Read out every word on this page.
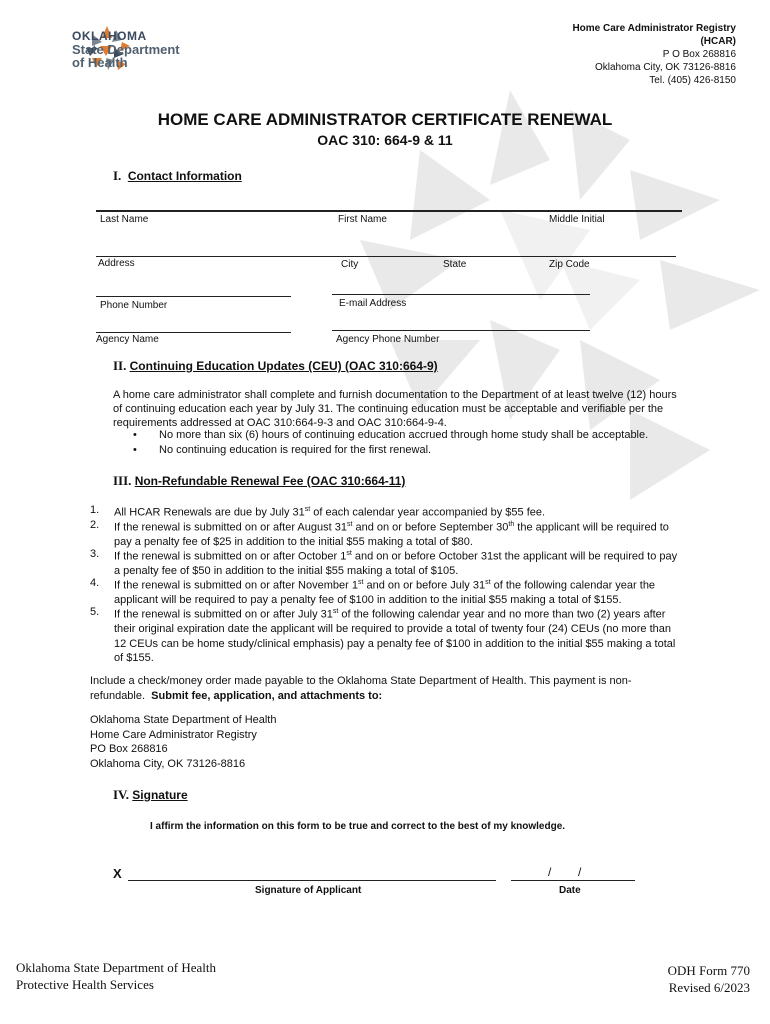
OKLAHOMA
State Department
of Health
Home Care Administrator Registry
(HCAR)
P O Box 268816
Oklahoma City, OK 73126-8816
Tel. (405) 426-8150
HOME CARE ADMINISTRATOR CERTIFICATE RENEWAL
OAC 310: 664-9 & 11
I. Contact Information
Last Name	First Name	Middle Initial
Address	City	State	Zip Code
Phone Number	E-mail Address
Agency Name	Agency Phone Number
II. Continuing Education Updates (CEU) (OAC 310:664-9)
A home care administrator shall complete and furnish documentation to the Department of at least twelve (12) hours of continuing education each year by July 31. The continuing education must be acceptable and verifiable per the requirements addressed at OAC 310:664-9-3 and OAC 310:664-9-4.
• No more than six (6) hours of continuing education accrued through home study shall be acceptable.
• No continuing education is required for the first renewal.
III. Non-Refundable Renewal Fee (OAC 310:664-11)
1. All HCAR Renewals are due by July 31st of each calendar year accompanied by $55 fee.
2. If the renewal is submitted on or after August 31st and on or before September 30th the applicant will be required to pay a penalty fee of $25 in addition to the initial $55 making a total of $80.
3. If the renewal is submitted on or after October 1st and on or before October 31st the applicant will be required to pay a penalty fee of $50 in addition to the initial $55 making a total of $105.
4. If the renewal is submitted on or after November 1st and on or before July 31st of the following calendar year the applicant will be required to pay a penalty fee of $100 in addition to the initial $55 making a total of $155.
5. If the renewal is submitted on or after July 31st of the following calendar year and no more than two (2) years after their original expiration date the applicant will be required to provide a total of twenty four (24) CEUs (no more than 12 CEUs can be home study/clinical emphasis) pay a penalty fee of $100 in addition to the initial $55 making a total of $155.
Include a check/money order made payable to the Oklahoma State Department of Health. This payment is non-refundable. Submit fee, application, and attachments to:
Oklahoma State Department of Health
Home Care Administrator Registry
PO Box 268816
Oklahoma City, OK 73126-8816
IV. Signature
I affirm the information on this form to be true and correct to the best of my knowledge.
X
Signature of Applicant
/        /
Date
Oklahoma State Department of Health
Protective Health Services
ODH Form 770
Revised 6/2023
